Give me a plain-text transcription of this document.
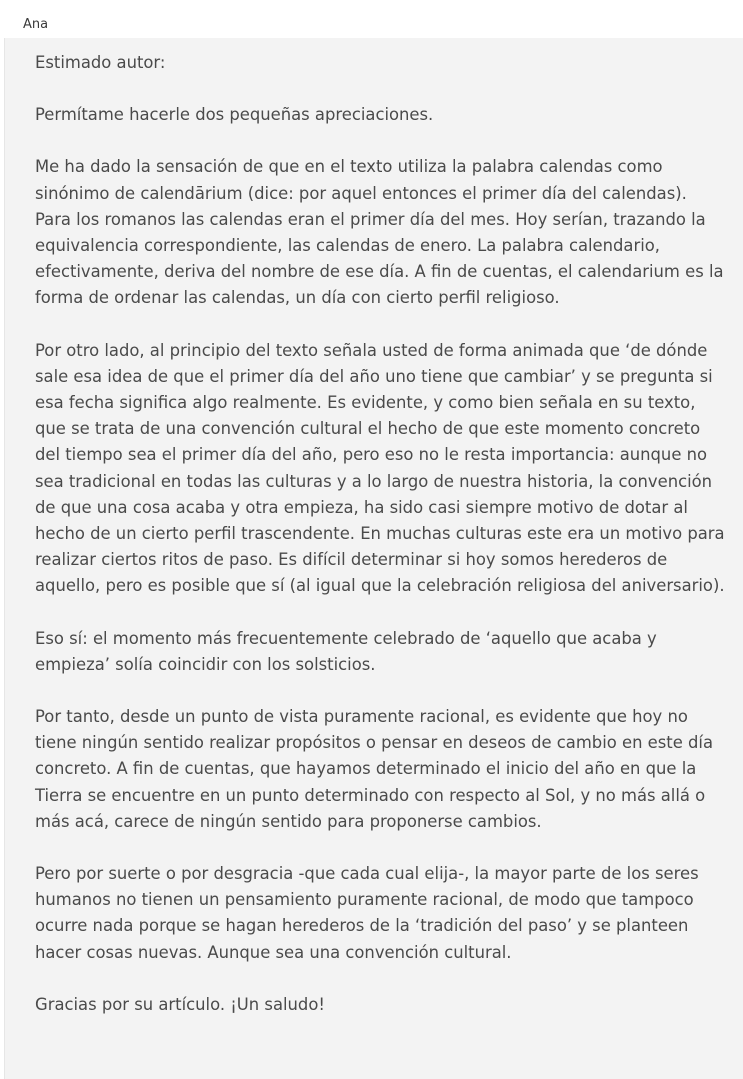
Ana

Estimado autor:

Permítame hacerle dos pequeñas apreciaciones.

Me ha dado la sensación de que en el texto utiliza la palabra calendas como sinónimo de calendārium (dice: por aquel entonces el primer día del calendas). Para los romanos las calendas eran el primer día del mes. Hoy serían, trazando la equivalencia correspondiente, las calendas de enero. La palabra calendario, efectivamente, deriva del nombre de ese día. A fin de cuentas, el calendarium es la forma de ordenar las calendas, un día con cierto perfil religioso.

Por otro lado, al principio del texto señala usted de forma animada que ‘de dónde sale esa idea de que el primer día del año uno tiene que cambiar’ y se pregunta si esa fecha significa algo realmente. Es evidente, y como bien señala en su texto, que se trata de una convención cultural el hecho de que este momento concreto del tiempo sea el primer día del año, pero eso no le resta importancia: aunque no sea tradicional en todas las culturas y a lo largo de nuestra historia, la convención de que una cosa acaba y otra empieza, ha sido casi siempre motivo de dotar al hecho de un cierto perfil trascendente. En muchas culturas este era un motivo para realizar ciertos ritos de paso. Es difícil determinar si hoy somos herederos de aquello, pero es posible que sí (al igual que la celebración religiosa del aniversario).

Eso sí: el momento más frecuentemente celebrado de ‘aquello que acaba y empieza’ solía coincidir con los solsticios.

Por tanto, desde un punto de vista puramente racional, es evidente que hoy no tiene ningún sentido realizar propósitos o pensar en deseos de cambio en este día concreto. A fin de cuentas, que hayamos determinado el inicio del año en que la Tierra se encuentre en un punto determinado con respecto al Sol, y no más allá o más acá, carece de ningún sentido para proponerse cambios.

Pero por suerte o por desgracia -que cada cual elija-, la mayor parte de los seres humanos no tienen un pensamiento puramente racional, de modo que tampoco ocurre nada porque se hagan herederos de la ‘tradición del paso’ y se planteen hacer cosas nuevas. Aunque sea una convención cultural.

Gracias por su artículo. ¡Un saludo!
